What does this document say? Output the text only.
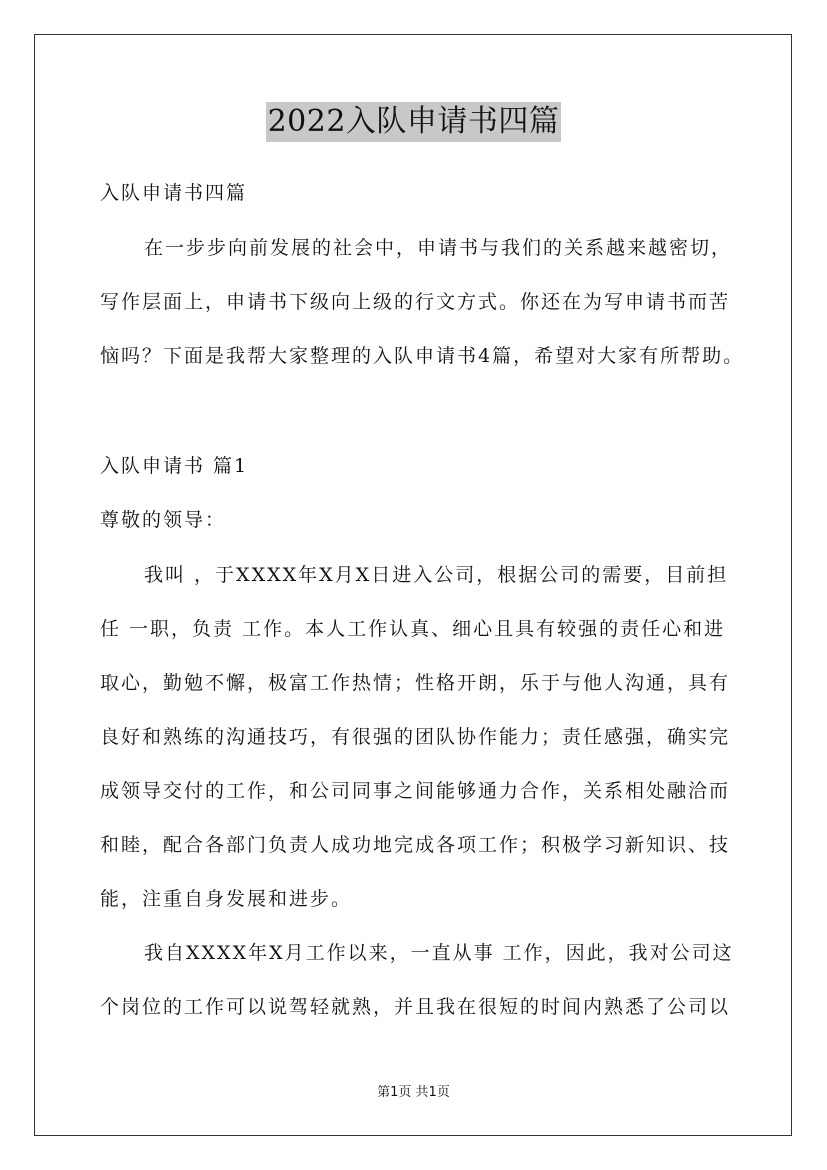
2022入队申请书四篇
入队申请书四篇
在一步步向前发展的社会中，申请书与我们的关系越来越密切，
写作层面上，申请书下级向上级的行文方式。你还在为写申请书而苦
恼吗？下面是我帮大家整理的入队申请书4篇，希望对大家有所帮助。
入队申请书 篇1
尊敬的领导：
我叫 ，于XXXX年X月X日进入公司，根据公司的需要，目前担
任 一职，负责 工作。本人工作认真、细心且具有较强的责任心和进
取心，勤勉不懈，极富工作热情；性格开朗，乐于与他人沟通，具有
良好和熟练的沟通技巧，有很强的团队协作能力；责任感强，确实完
成领导交付的工作，和公司同事之间能够通力合作，关系相处融洽而
和睦，配合各部门负责人成功地完成各项工作；积极学习新知识、技
能，注重自身发展和进步。
我自XXXX年X月工作以来，一直从事 工作，因此，我对公司这
个岗位的工作可以说驾轻就熟，并且我在很短的时间内熟悉了公司以
第1页 共1页
